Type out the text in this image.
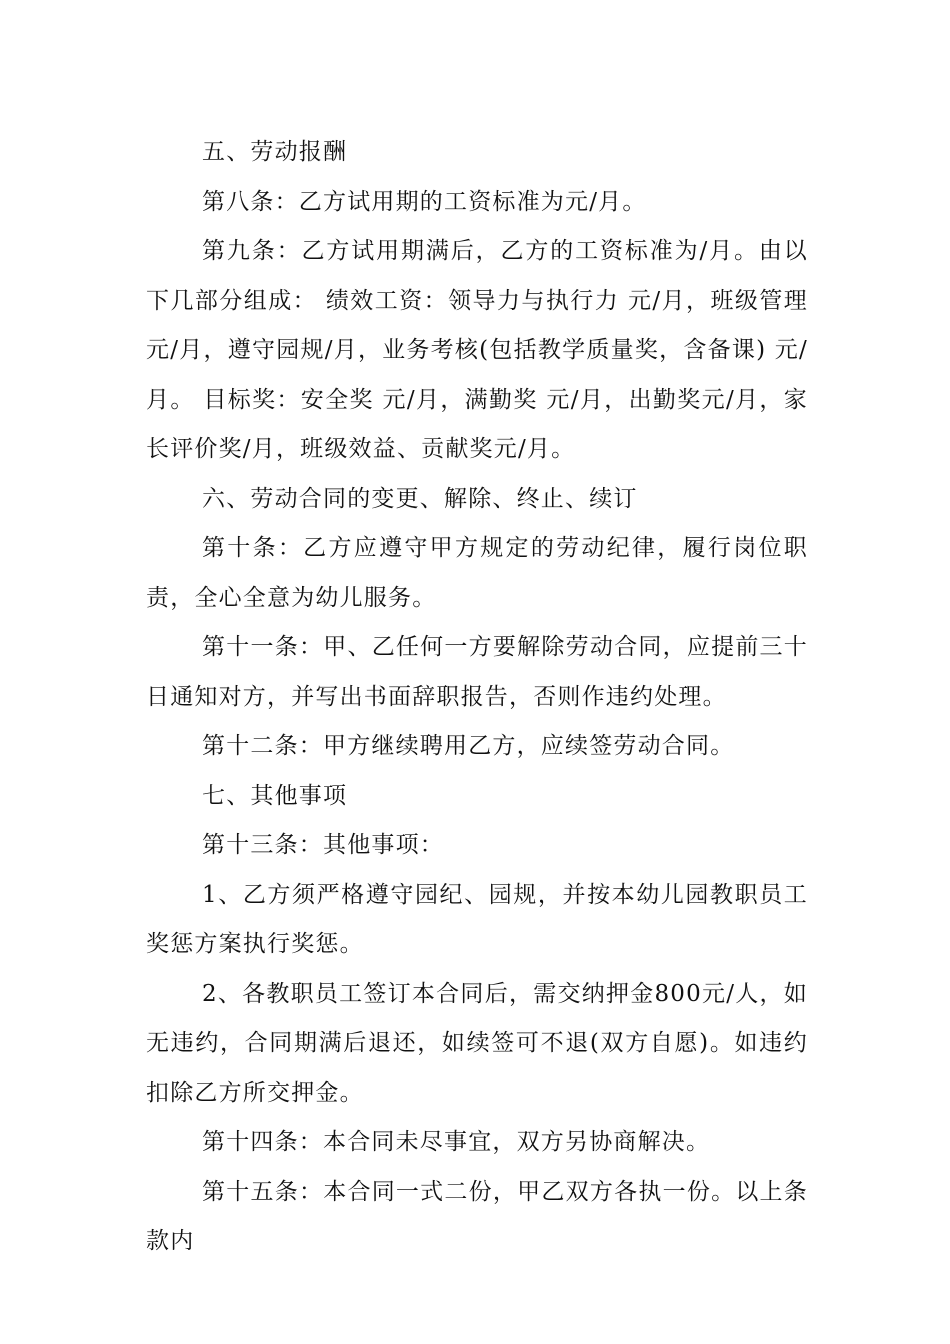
五、劳动报酬

第八条：乙方试用期的工资标准为元/月。

第九条：乙方试用期满后，乙方的工资标准为/月。由以下几部分组成： 绩效工资：领导力与执行力 元/月，班级管理 元/月，遵守园规/月，业务考核(包括教学质量奖，含备课) 元/月。 目标奖：安全奖 元/月，满勤奖 元/月，出勤奖元/月，家长评价奖/月，班级效益、贡献奖元/月。

六、劳动合同的变更、解除、终止、续订

第十条：乙方应遵守甲方规定的劳动纪律，履行岗位职责，全心全意为幼儿服务。

第十一条：甲、乙任何一方要解除劳动合同，应提前三十日通知对方，并写出书面辞职报告，否则作违约处理。

第十二条：甲方继续聘用乙方，应续签劳动合同。

七、其他事项

第十三条：其他事项：

1、乙方须严格遵守园纪、园规，并按本幼儿园教职员工奖惩方案执行奖惩。

2、各教职员工签订本合同后，需交纳押金800元/人，如无违约，合同期满后退还，如续签可不退(双方自愿)。如违约扣除乙方所交押金。

第十四条：本合同未尽事宜，双方另协商解决。

第十五条：本合同一式二份，甲乙双方各执一份。以上条款内
